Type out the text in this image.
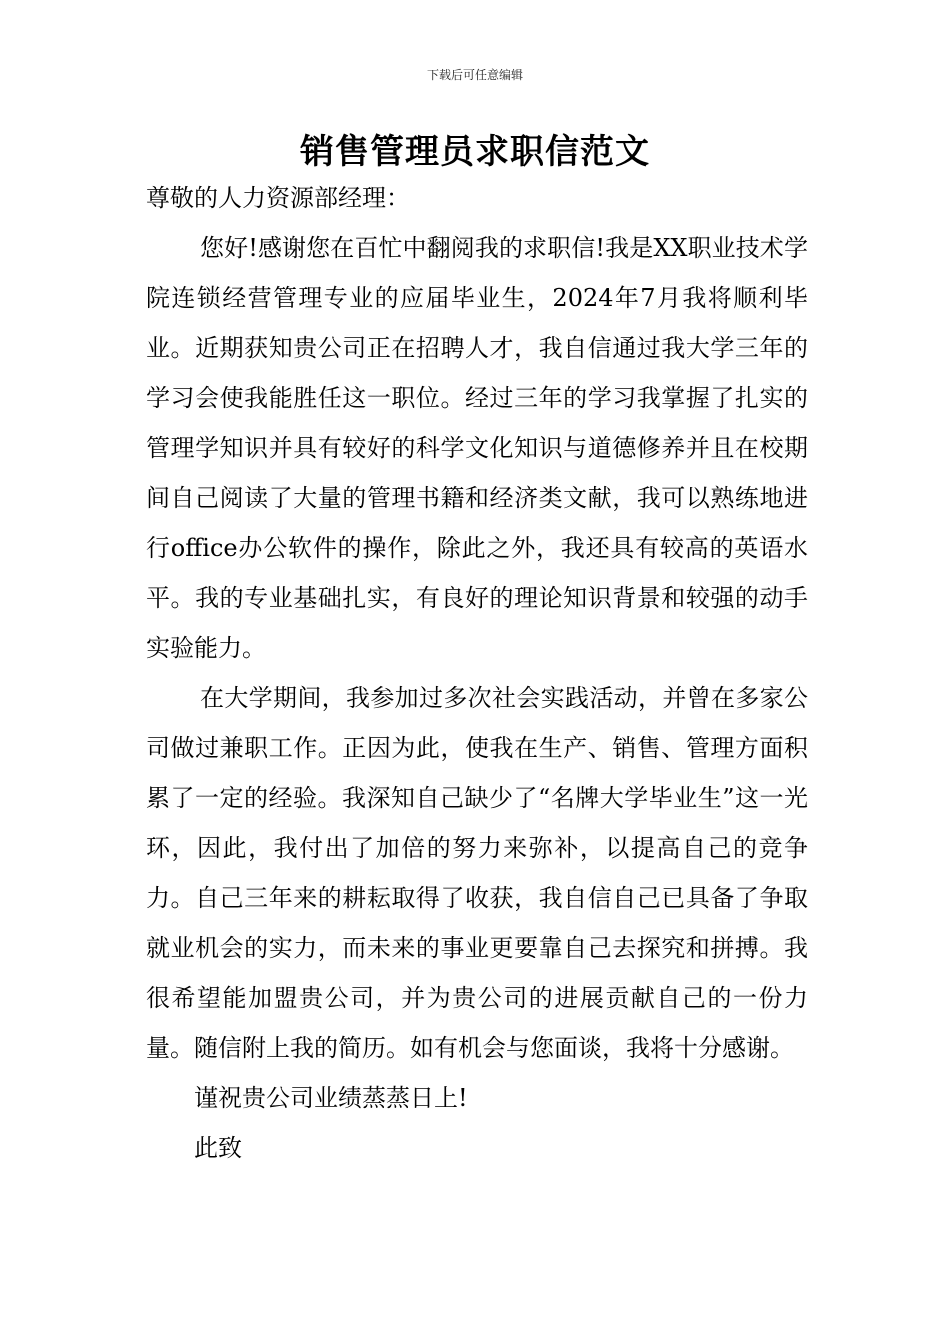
下载后可任意编辑
销售管理员求职信范文

尊敬的人力资源部经理：

您好!感谢您在百忙中翻阅我的求职信!我是XX职业技术学院连锁经营管理专业的应届毕业生，2024年7月我将顺利毕业。近期获知贵公司正在招聘人才，我自信通过我大学三年的学习会使我能胜任这一职位。经过三年的学习我掌握了扎实的管理学知识并具有较好的科学文化知识与道德修养并且在校期间自己阅读了大量的管理书籍和经济类文献，我可以熟练地进行office办公软件的操作，除此之外，我还具有较高的英语水平。我的专业基础扎实，有良好的理论知识背景和较强的动手实验能力。

在大学期间，我参加过多次社会实践活动，并曾在多家公司做过兼职工作。正因为此，使我在生产、销售、管理方面积累了一定的经验。我深知自己缺少了“名牌大学毕业生”这一光环，因此，我付出了加倍的努力来弥补，以提高自己的竞争力。自己三年来的耕耘取得了收获，我自信自己已具备了争取就业机会的实力，而未来的事业更要靠自己去探究和拼搏。我很希望能加盟贵公司，并为贵公司的进展贡献自己的一份力量。随信附上我的简历。如有机会与您面谈，我将十分感谢。

谨祝贵公司业绩蒸蒸日上!

此致
